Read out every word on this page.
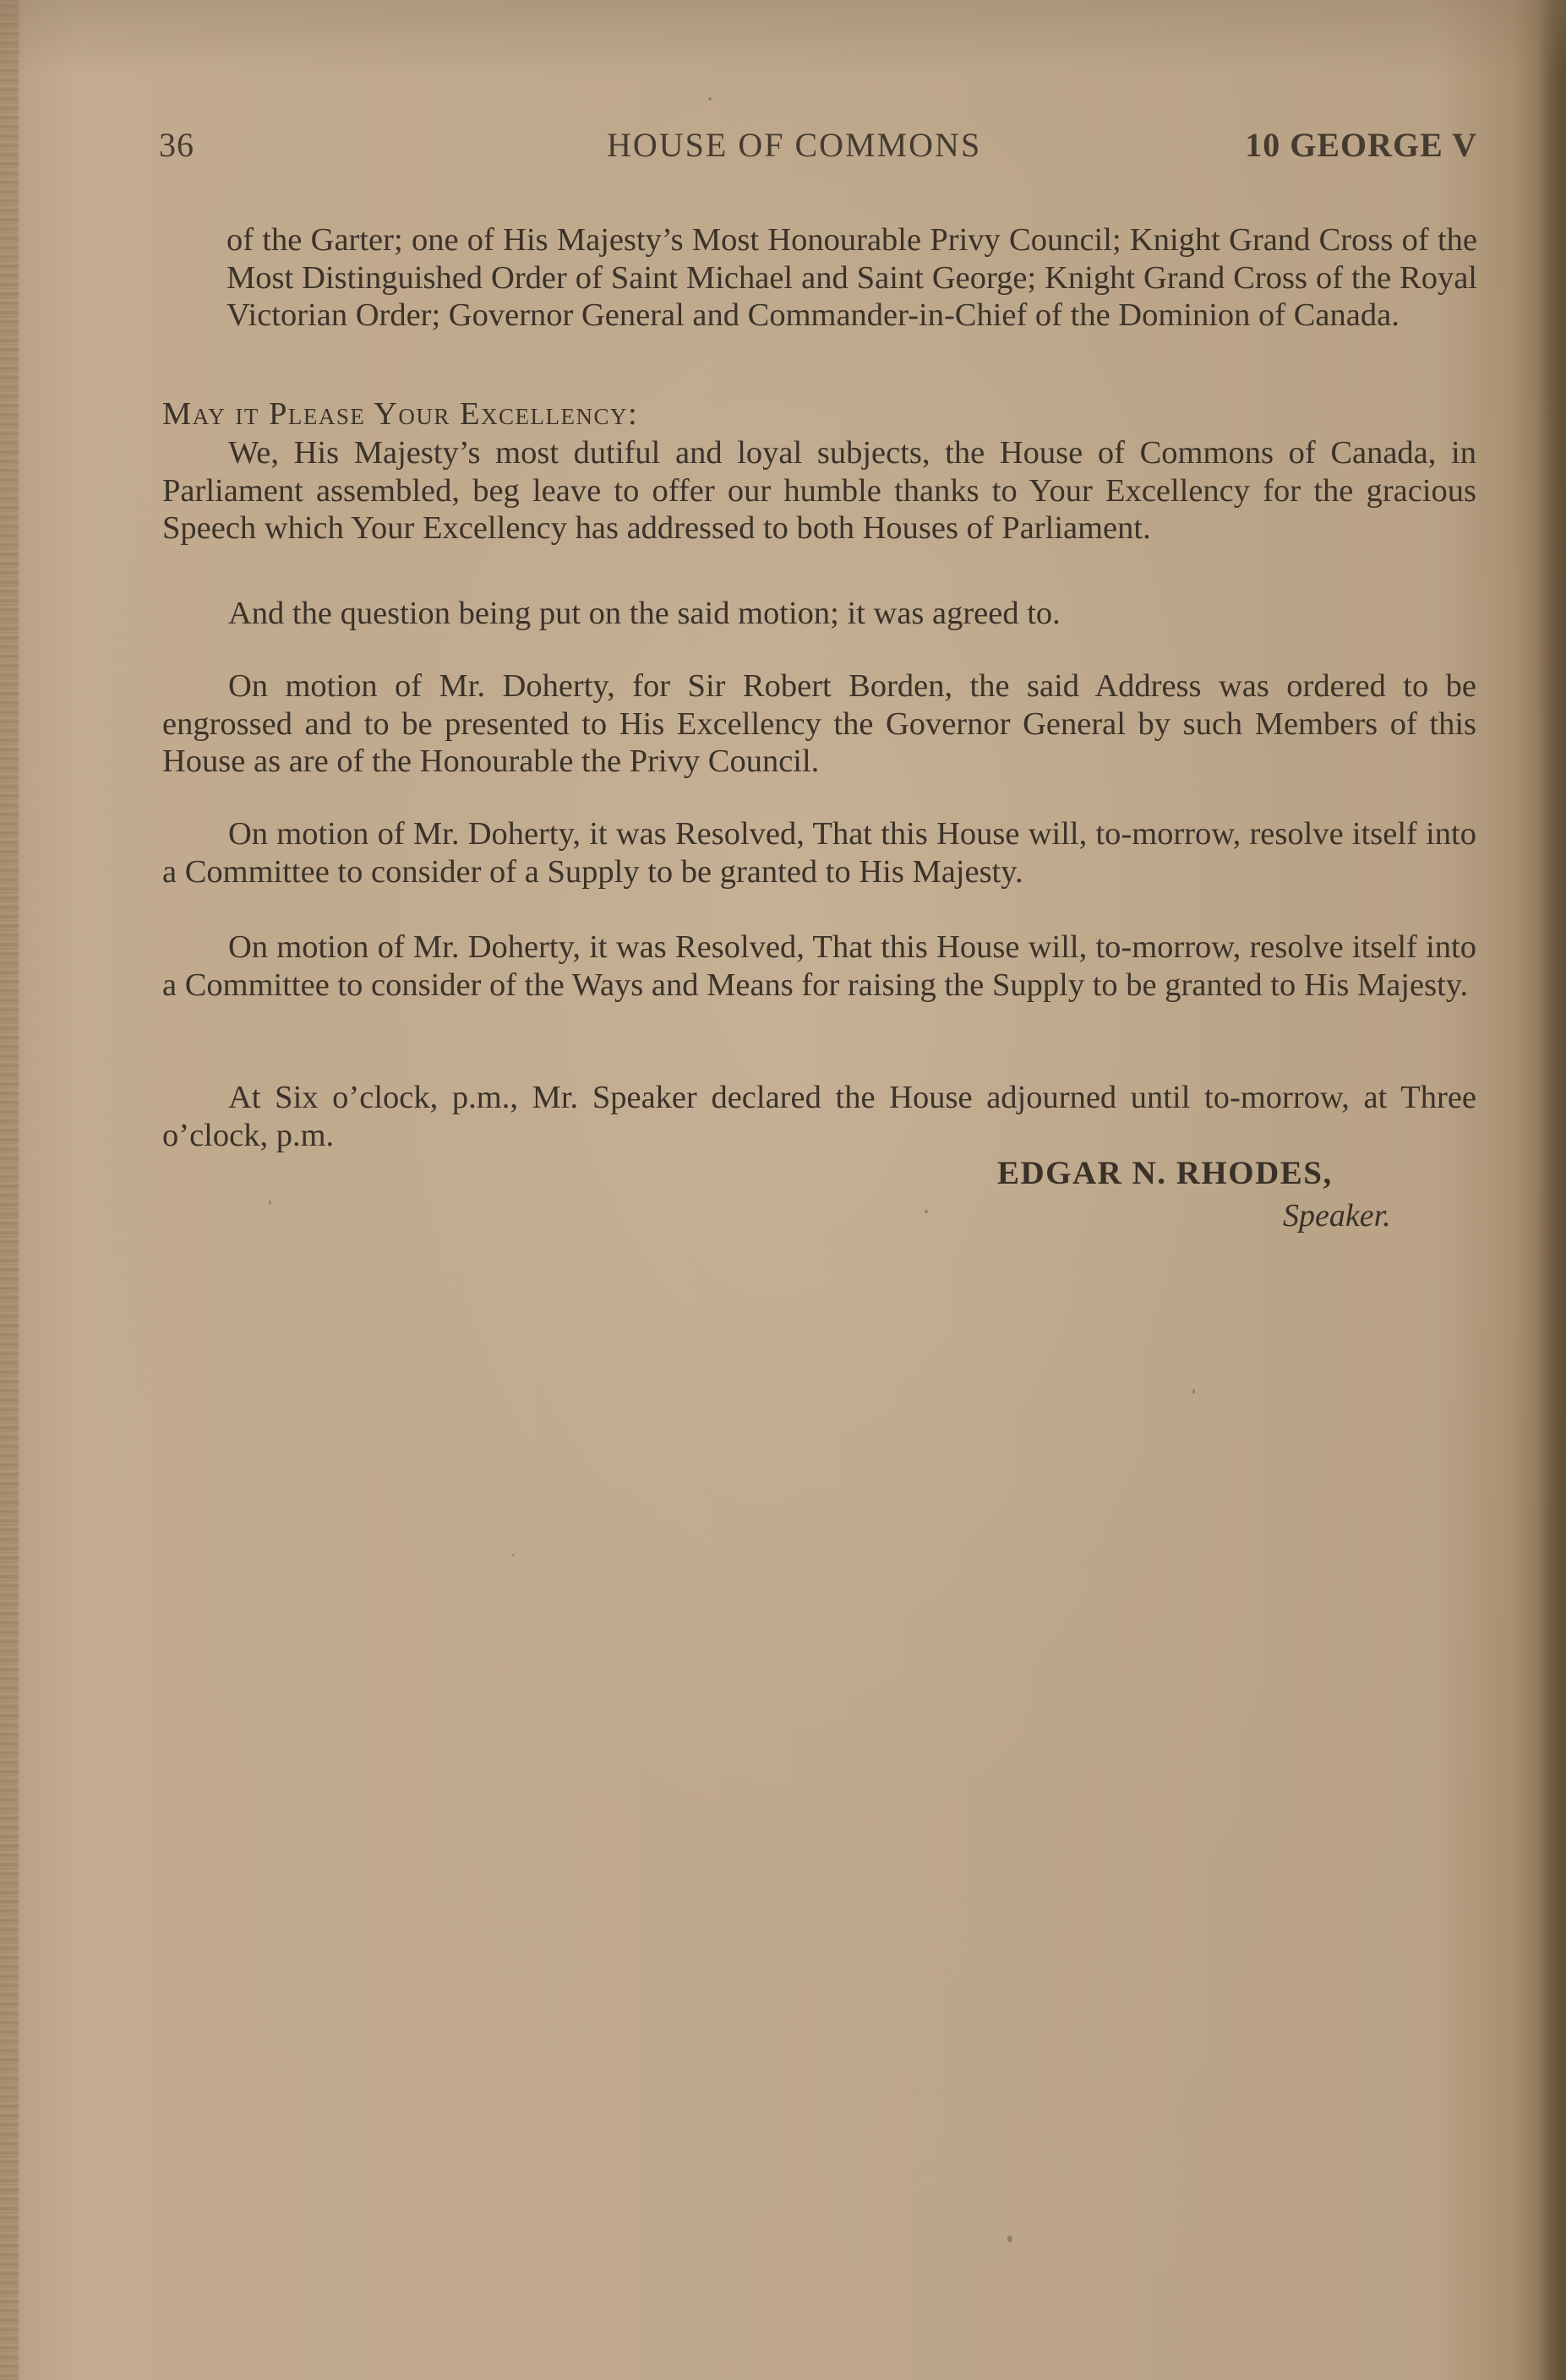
36	HOUSE OF COMMONS	10 GEORGE V
of the Garter; one of His Majesty’s Most Honourable Privy Council; Knight Grand Cross of the Most Distinguished Order of Saint Michael and Saint George; Knight Grand Cross of the Royal Victorian Order; Governor General and Commander-in-Chief of the Dominion of Canada.
May it Please Your Excellency:
We, His Majesty’s most dutiful and loyal subjects, the House of Commons of Canada, in Parliament assembled, beg leave to offer our humble thanks to Your Excellency for the gracious Speech which Your Excellency has addressed to both Houses of Parliament.
And the question being put on the said motion; it was agreed to.
On motion of Mr. Doherty, for Sir Robert Borden, the said Address was ordered to be engrossed and to be presented to His Excellency the Governor General by such Members of this House as are of the Honourable the Privy Council.
On motion of Mr. Doherty, it was Resolved, That this House will, to-morrow, resolve itself into a Committee to consider of a Supply to be granted to His Majesty.
On motion of Mr. Doherty, it was Resolved, That this House will, to-morrow, resolve itself into a Committee to consider of the Ways and Means for raising the Supply to be granted to His Majesty.
At Six o’clock, p.m., Mr. Speaker declared the House adjourned until to-morrow, at Three o’clock, p.m.
EDGAR N. RHODES,
Speaker.
